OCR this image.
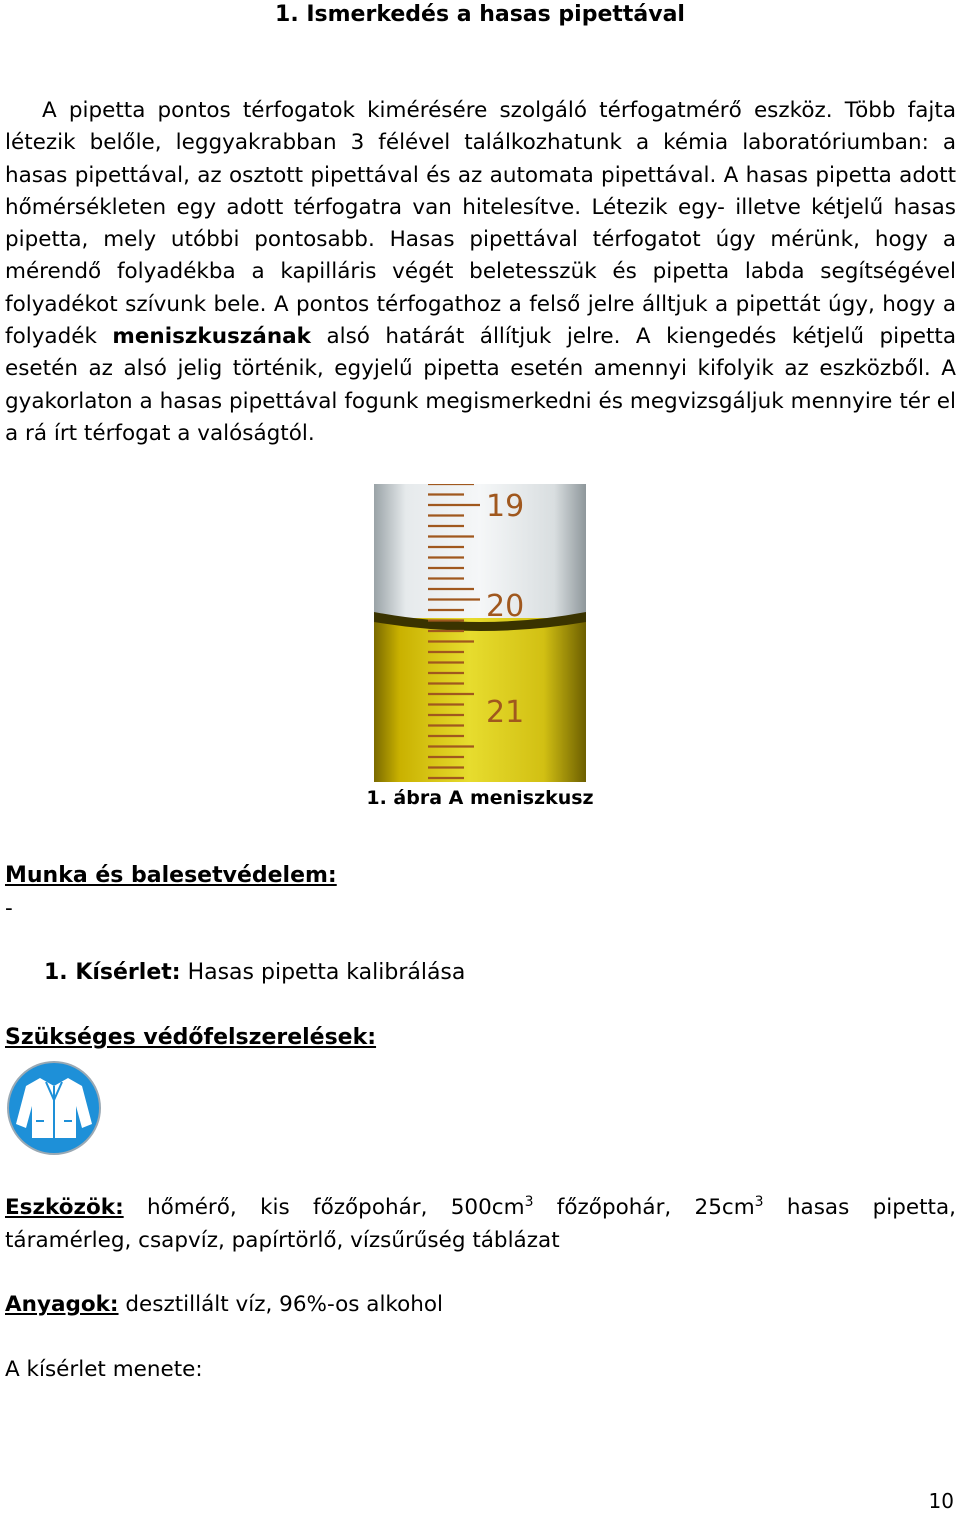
1. Ismerkedés a hasas pipettával

A pipetta pontos térfogatok kimérésére szolgáló térfogatmérő eszköz. Több fajta létezik belőle, leggyakrabban 3 félével találkozhatunk a kémia laboratóriumban: a hasas pipettával, az osztott pipettával és az automata pipettával. A hasas pipetta adott hőmérsékleten egy adott térfogatra van hitelesítve. Létezik egy- illetve kétjelű hasas pipetta, mely utóbbi pontosabb. Hasas pipettával térfogatot úgy mérünk, hogy a mérendő folyadékba a kapilláris végét beletesszük és pipetta labda segítségével folyadékot szívunk bele. A pontos térfogathoz a felső jelre álltjuk a pipettát úgy, hogy a folyadék meniszkuszának alsó határát állítjuk jelre. A kiengedés kétjelű pipetta esetén az alsó jelig történik, egyjelű pipetta esetén amennyi kifolyik az eszközből. A gyakorlaton a hasas pipettával fogunk megismerkedni és megvizsgáljuk mennyire tér el a rá írt térfogat a valóságtól.

19
20
21
1. ábra A meniszkusz

Munka és balesetvédelem:

-

1. Kísérlet: Hasas pipetta kalibrálása

Szükséges védőfelszerelések:

Eszközök: hőmérő, kis főzőpohár, $500cm^3$ főzőpohár, $25cm^3$ hasas pipetta, táramérleg, csapvíz, papírtörlő, vízsűrűség táblázat

Anyagok: desztillált víz, 96%-os alkohol

A kísérlet menete:

10
